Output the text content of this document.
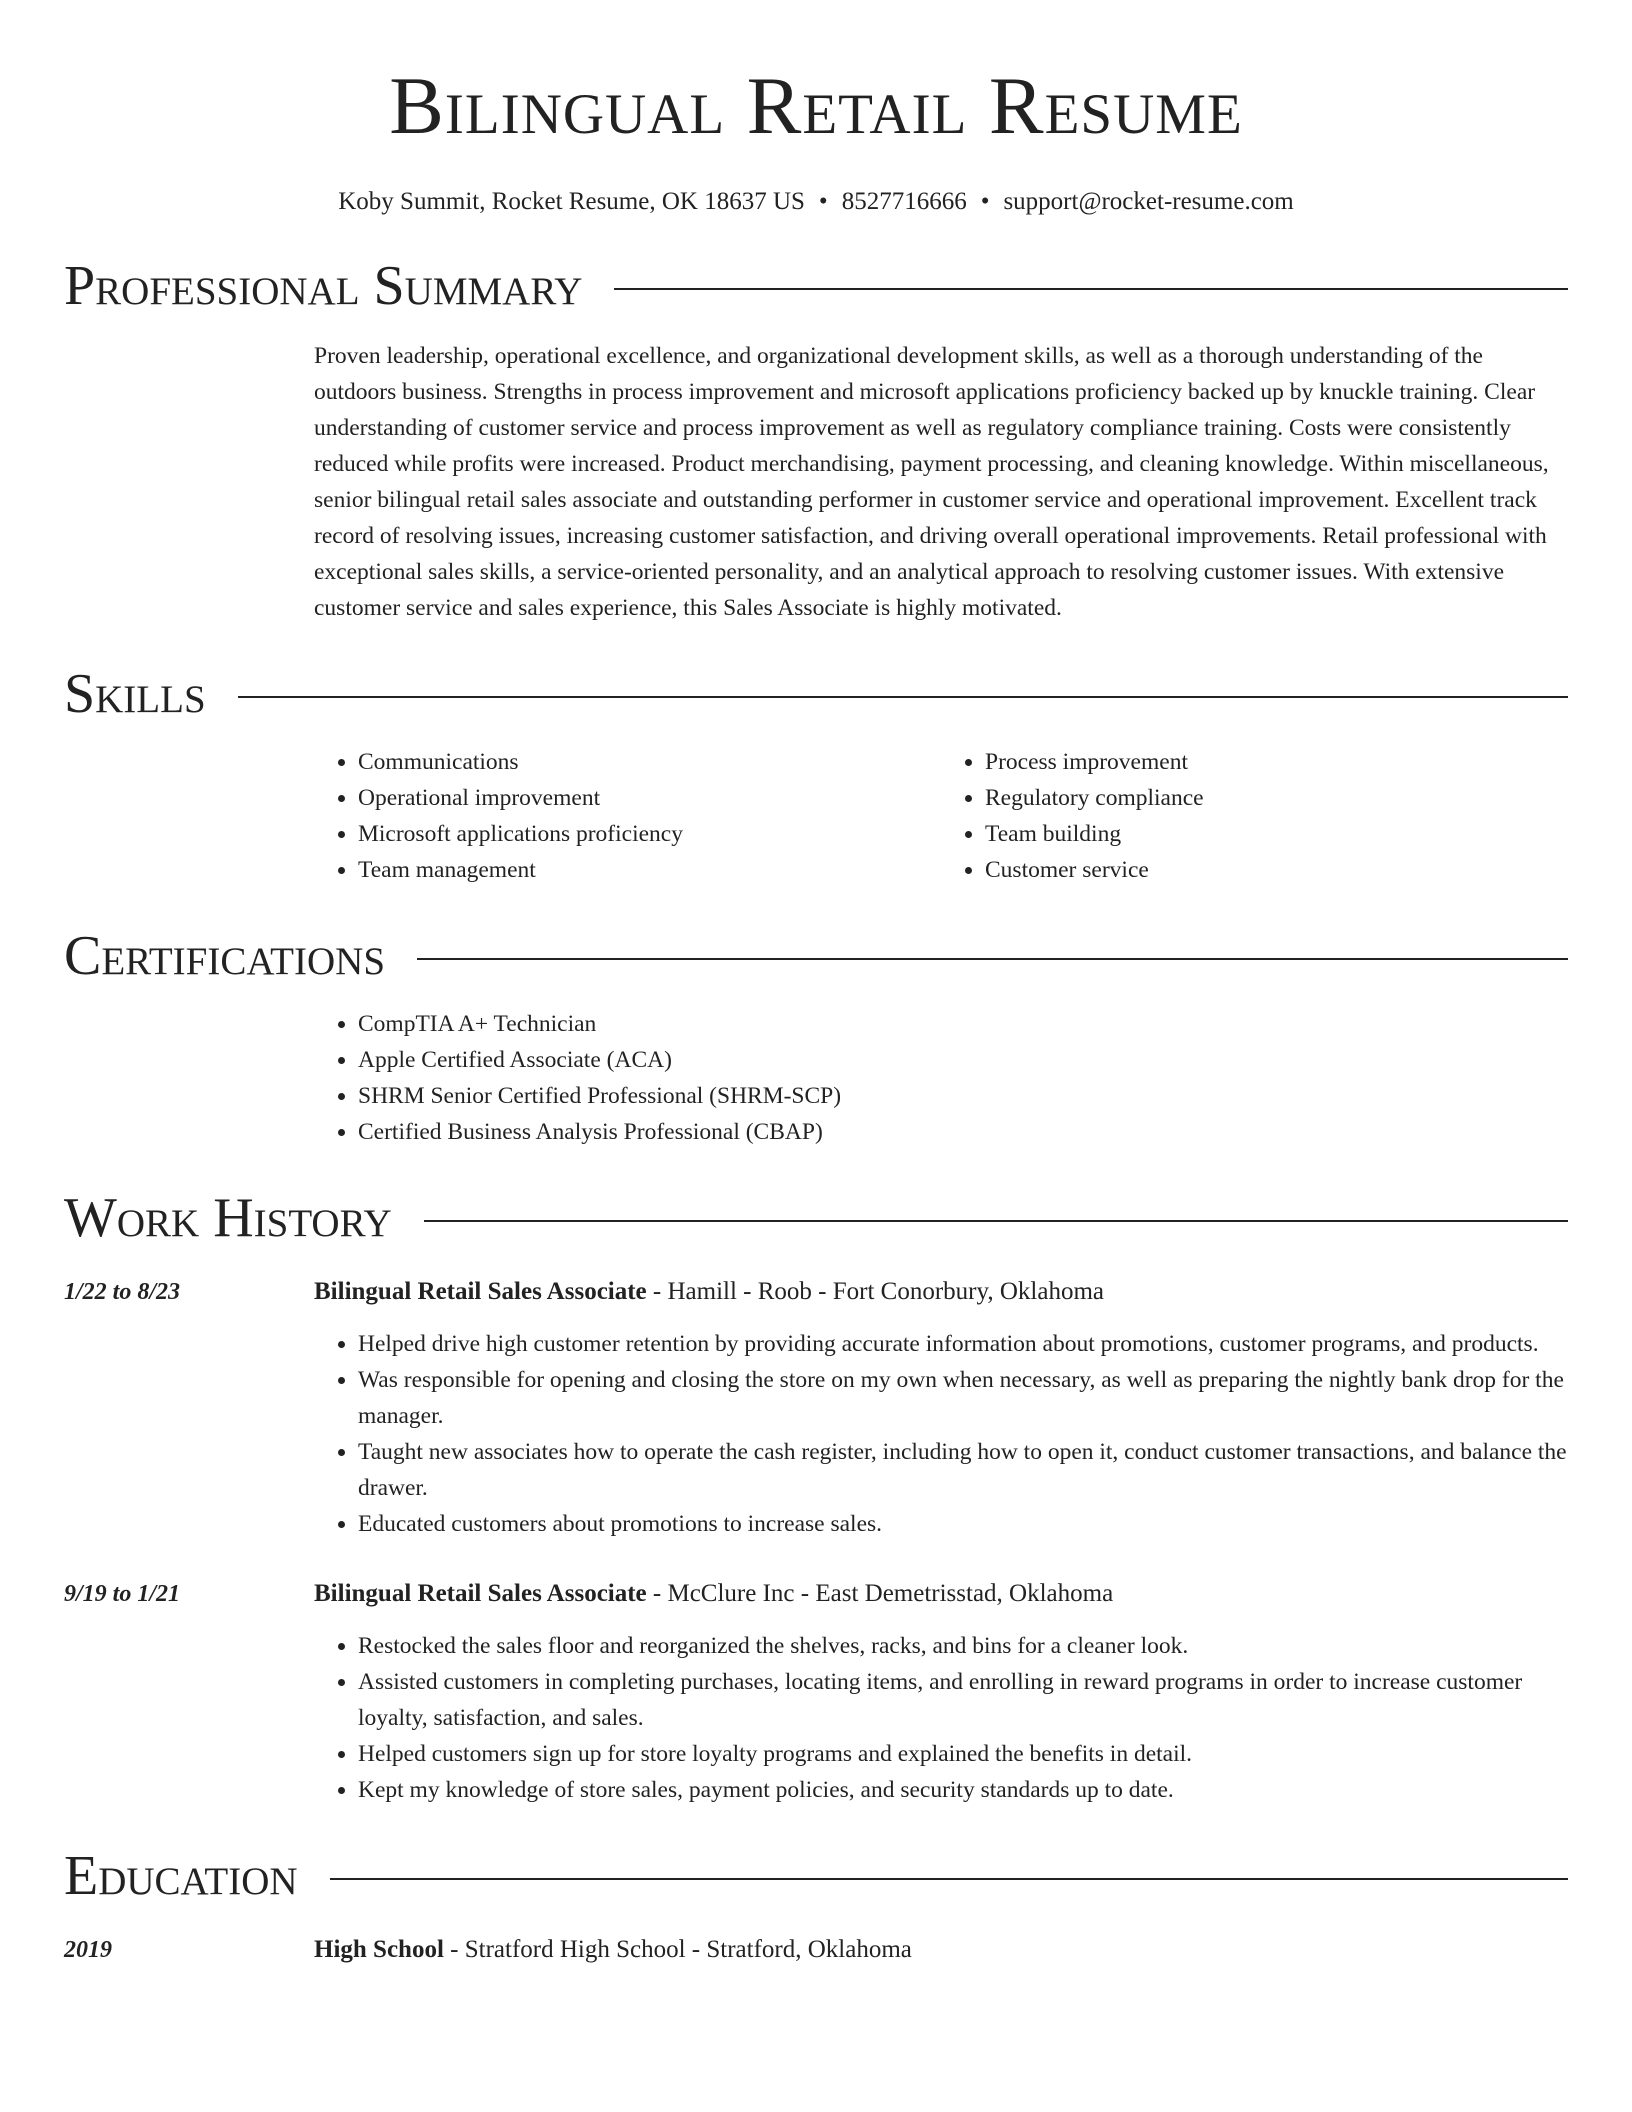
Bilingual Retail Resume
Koby Summit, Rocket Resume, OK 18637 US • 8527716666 • support@rocket-resume.com
Professional Summary
Proven leadership, operational excellence, and organizational development skills, as well as a thorough understanding of the outdoors business. Strengths in process improvement and microsoft applications proficiency backed up by knuckle training. Clear understanding of customer service and process improvement as well as regulatory compliance training. Costs were consistently reduced while profits were increased. Product merchandising, payment processing, and cleaning knowledge. Within miscellaneous, senior bilingual retail sales associate and outstanding performer in customer service and operational improvement. Excellent track record of resolving issues, increasing customer satisfaction, and driving overall operational improvements. Retail professional with exceptional sales skills, a service-oriented personality, and an analytical approach to resolving customer issues. With extensive customer service and sales experience, this Sales Associate is highly motivated.
Skills
• Communications
• Operational improvement
• Microsoft applications proficiency
• Team management
• Process improvement
• Regulatory compliance
• Team building
• Customer service
Certifications
• CompTIA A+ Technician
• Apple Certified Associate (ACA)
• SHRM Senior Certified Professional (SHRM-SCP)
• Certified Business Analysis Professional (CBAP)
Work History
1/22 to 8/23	Bilingual Retail Sales Associate - Hamill - Roob - Fort Conorbury, Oklahoma
• Helped drive high customer retention by providing accurate information about promotions, customer programs, and products.
• Was responsible for opening and closing the store on my own when necessary, as well as preparing the nightly bank drop for the manager.
• Taught new associates how to operate the cash register, including how to open it, conduct customer transactions, and balance the drawer.
• Educated customers about promotions to increase sales.
9/19 to 1/21	Bilingual Retail Sales Associate - McClure Inc - East Demetrisstad, Oklahoma
• Restocked the sales floor and reorganized the shelves, racks, and bins for a cleaner look.
• Assisted customers in completing purchases, locating items, and enrolling in reward programs in order to increase customer loyalty, satisfaction, and sales.
• Helped customers sign up for store loyalty programs and explained the benefits in detail.
• Kept my knowledge of store sales, payment policies, and security standards up to date.
Education
2019	High School - Stratford High School - Stratford, Oklahoma
